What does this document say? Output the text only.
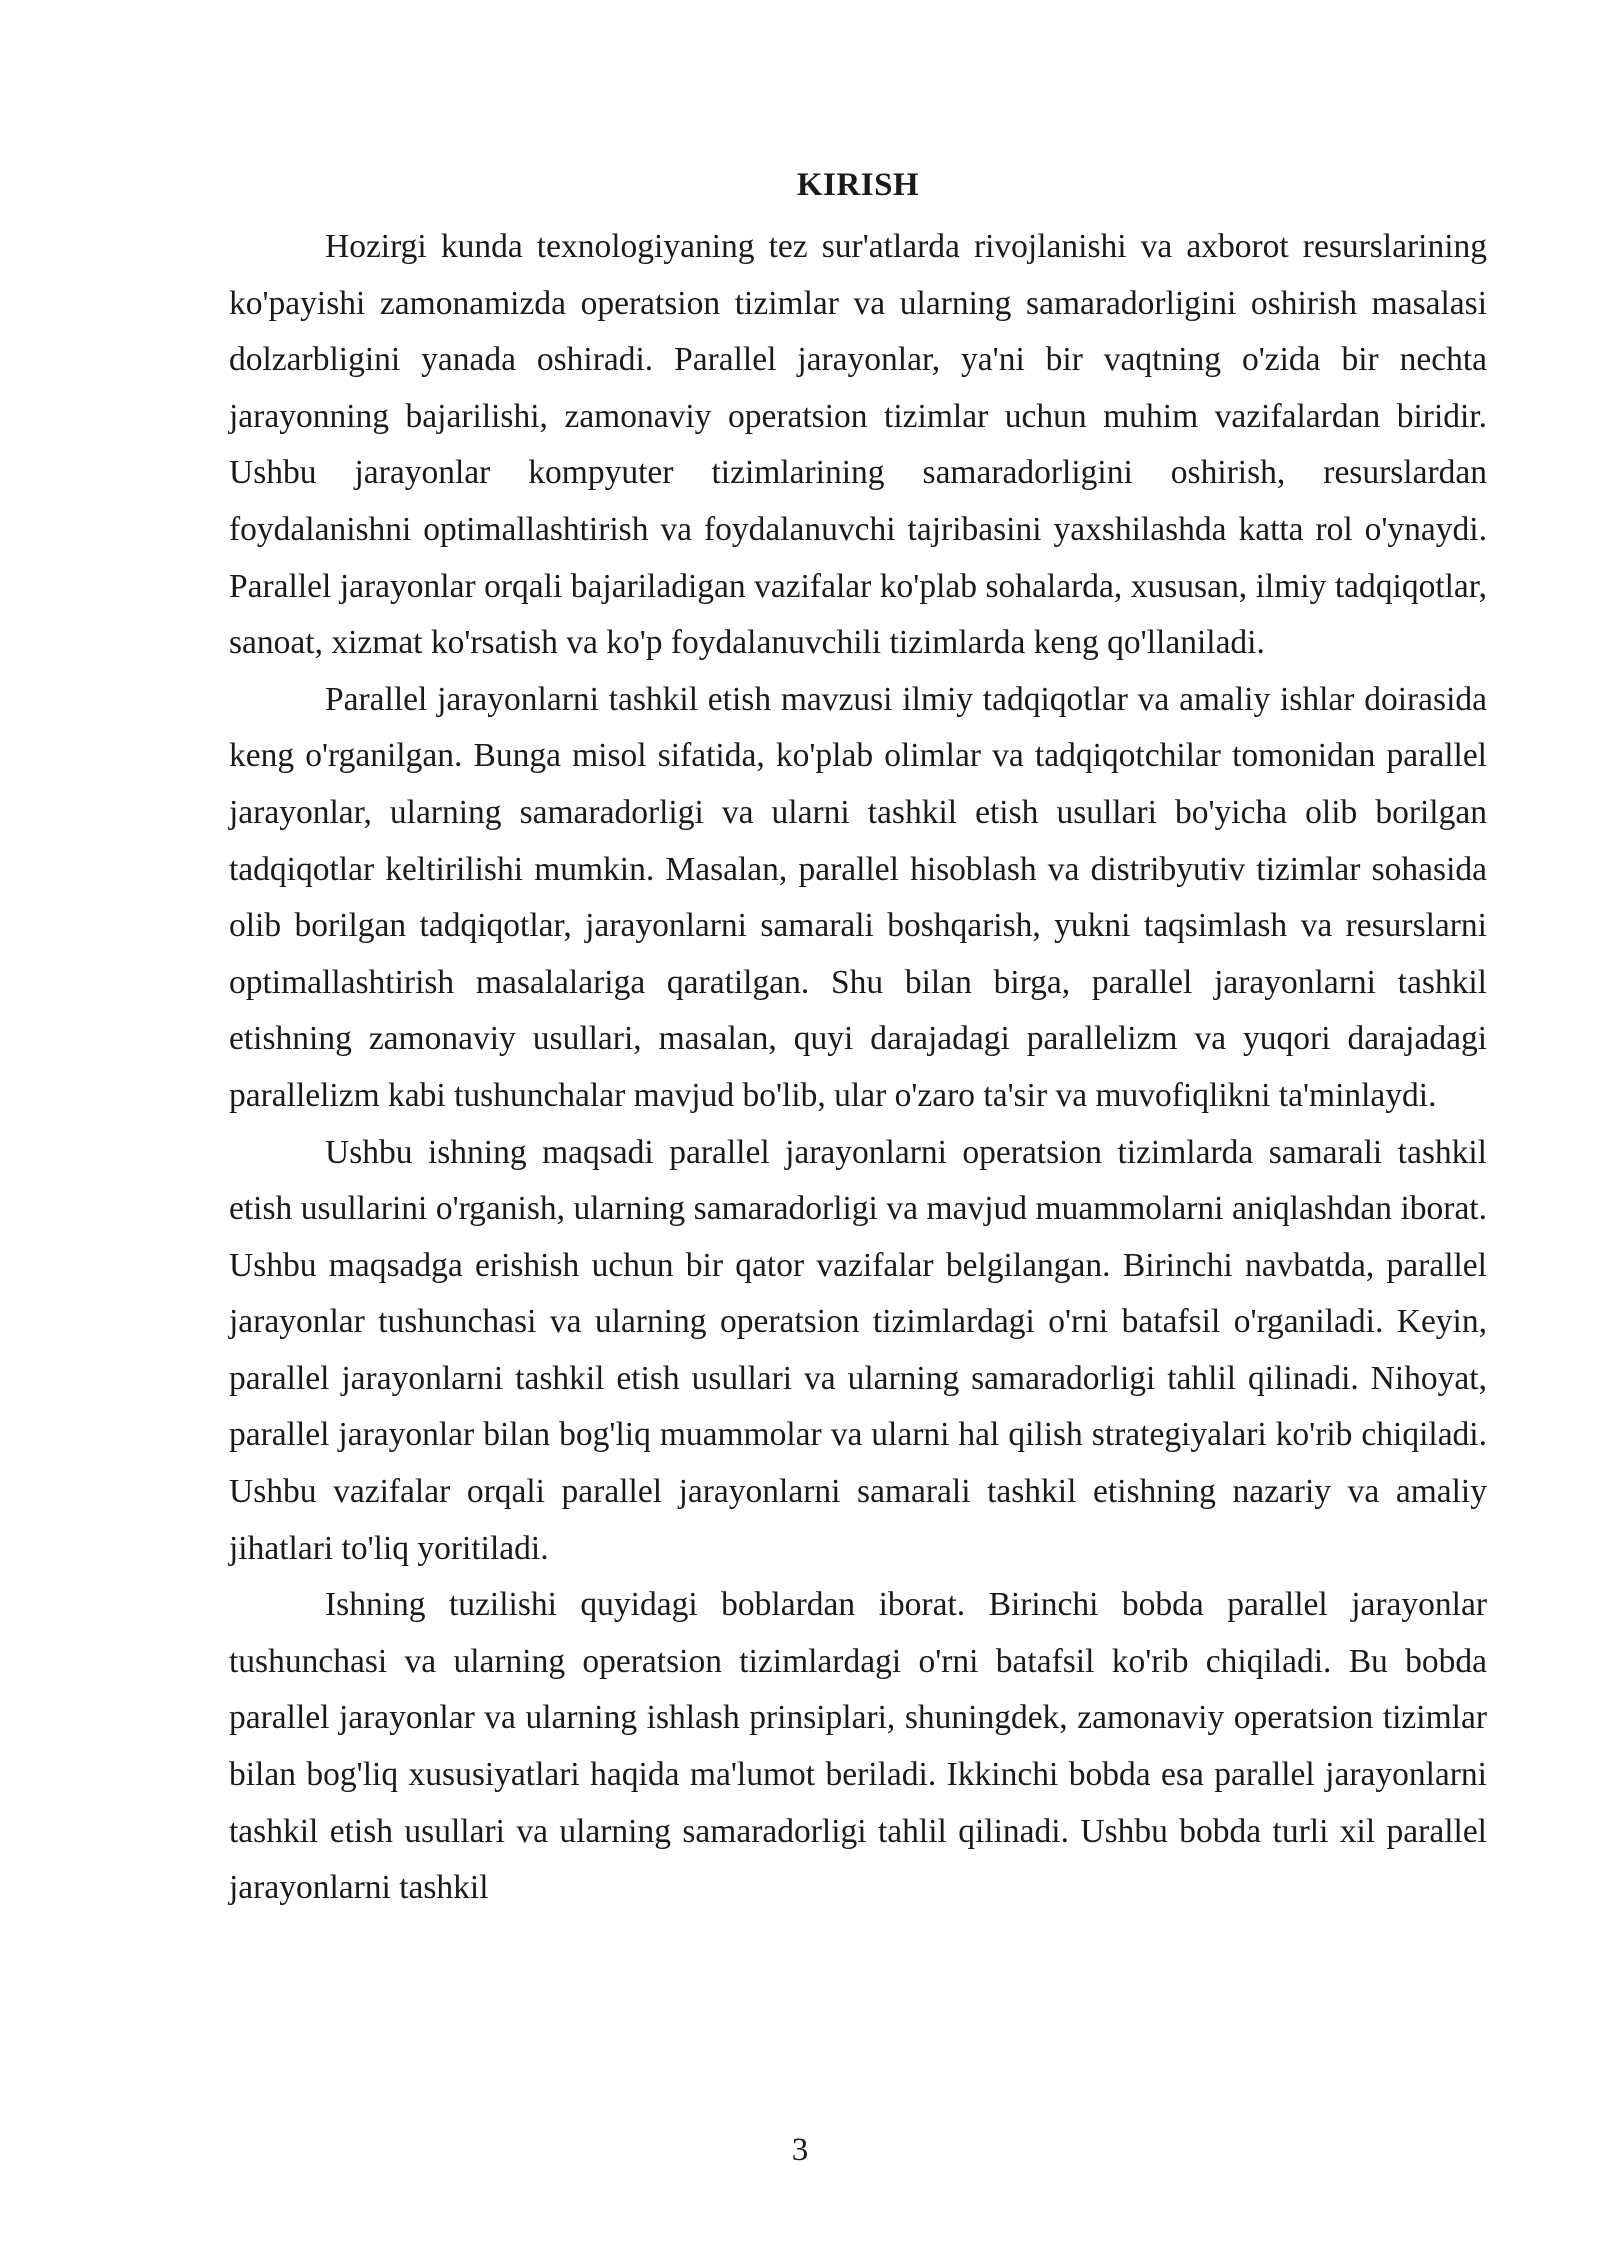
KIRISH

Hozirgi kunda texnologiyaning tez sur'atlarda rivojlanishi va axborot resurslarining ko'payishi zamonamizda operatsion tizimlar va ularning samaradorligini oshirish masalasi dolzarbligini yanada oshiradi. Parallel jarayonlar, ya'ni bir vaqtning o'zida bir nechta jarayonning bajarilishi, zamonaviy operatsion tizimlar uchun muhim vazifalardan biridir. Ushbu jarayonlar kompyuter tizimlarining samaradorligini oshirish, resurslardan foydalanishni optimallashtirish va foydalanuvchi tajribasini yaxshilashda katta rol o'ynaydi. Parallel jarayonlar orqali bajariladigan vazifalar ko'plab sohalarda, xususan, ilmiy tadqiqotlar, sanoat, xizmat ko'rsatish va ko'p foydalanuvchili tizimlarda keng qo'llaniladi.

Parallel jarayonlarni tashkil etish mavzusi ilmiy tadqiqotlar va amaliy ishlar doirasida keng o'rganilgan. Bunga misol sifatida, ko'plab olimlar va tadqiqotchilar tomonidan parallel jarayonlar, ularning samaradorligi va ularni tashkil etish usullari bo'yicha olib borilgan tadqiqotlar keltirilishi mumkin. Masalan, parallel hisoblash va distribyutiv tizimlar sohasida olib borilgan tadqiqotlar, jarayonlarni samarali boshqarish, yukni taqsimlash va resurslarni optimallashtirish masalalariga qaratilgan. Shu bilan birga, parallel jarayonlarni tashkil etishning zamonaviy usullari, masalan, quyi darajadagi parallelizm va yuqori darajadagi parallelizm kabi tushunchalar mavjud bo'lib, ular o'zaro ta'sir va muvofiqlikni ta'minlaydi.

Ushbu ishning maqsadi parallel jarayonlarni operatsion tizimlarda samarali tashkil etish usullarini o'rganish, ularning samaradorligi va mavjud muammolarni aniqlashdan iborat. Ushbu maqsadga erishish uchun bir qator vazifalar belgilangan. Birinchi navbatda, parallel jarayonlar tushunchasi va ularning operatsion tizimlardagi o'rni batafsil o'rganiladi. Keyin, parallel jarayonlarni tashkil etish usullari va ularning samaradorligi tahlil qilinadi. Nihoyat, parallel jarayonlar bilan bog'liq muammolar va ularni hal qilish strategiyalari ko'rib chiqiladi. Ushbu vazifalar orqali parallel jarayonlarni samarali tashkil etishning nazariy va amaliy jihatlari to'liq yoritiladi.

Ishning tuzilishi quyidagi boblardan iborat. Birinchi bobda parallel jarayonlar tushunchasi va ularning operatsion tizimlardagi o'rni batafsil ko'rib chiqiladi. Bu bobda parallel jarayonlar va ularning ishlash prinsiplari, shuningdek, zamonaviy operatsion tizimlar bilan bog'liq xususiyatlari haqida ma'lumot beriladi. Ikkinchi bobda esa parallel jarayonlarni tashkil etish usullari va ularning samaradorligi tahlil qilinadi. Ushbu bobda turli xil parallel jarayonlarni tashkil

3
